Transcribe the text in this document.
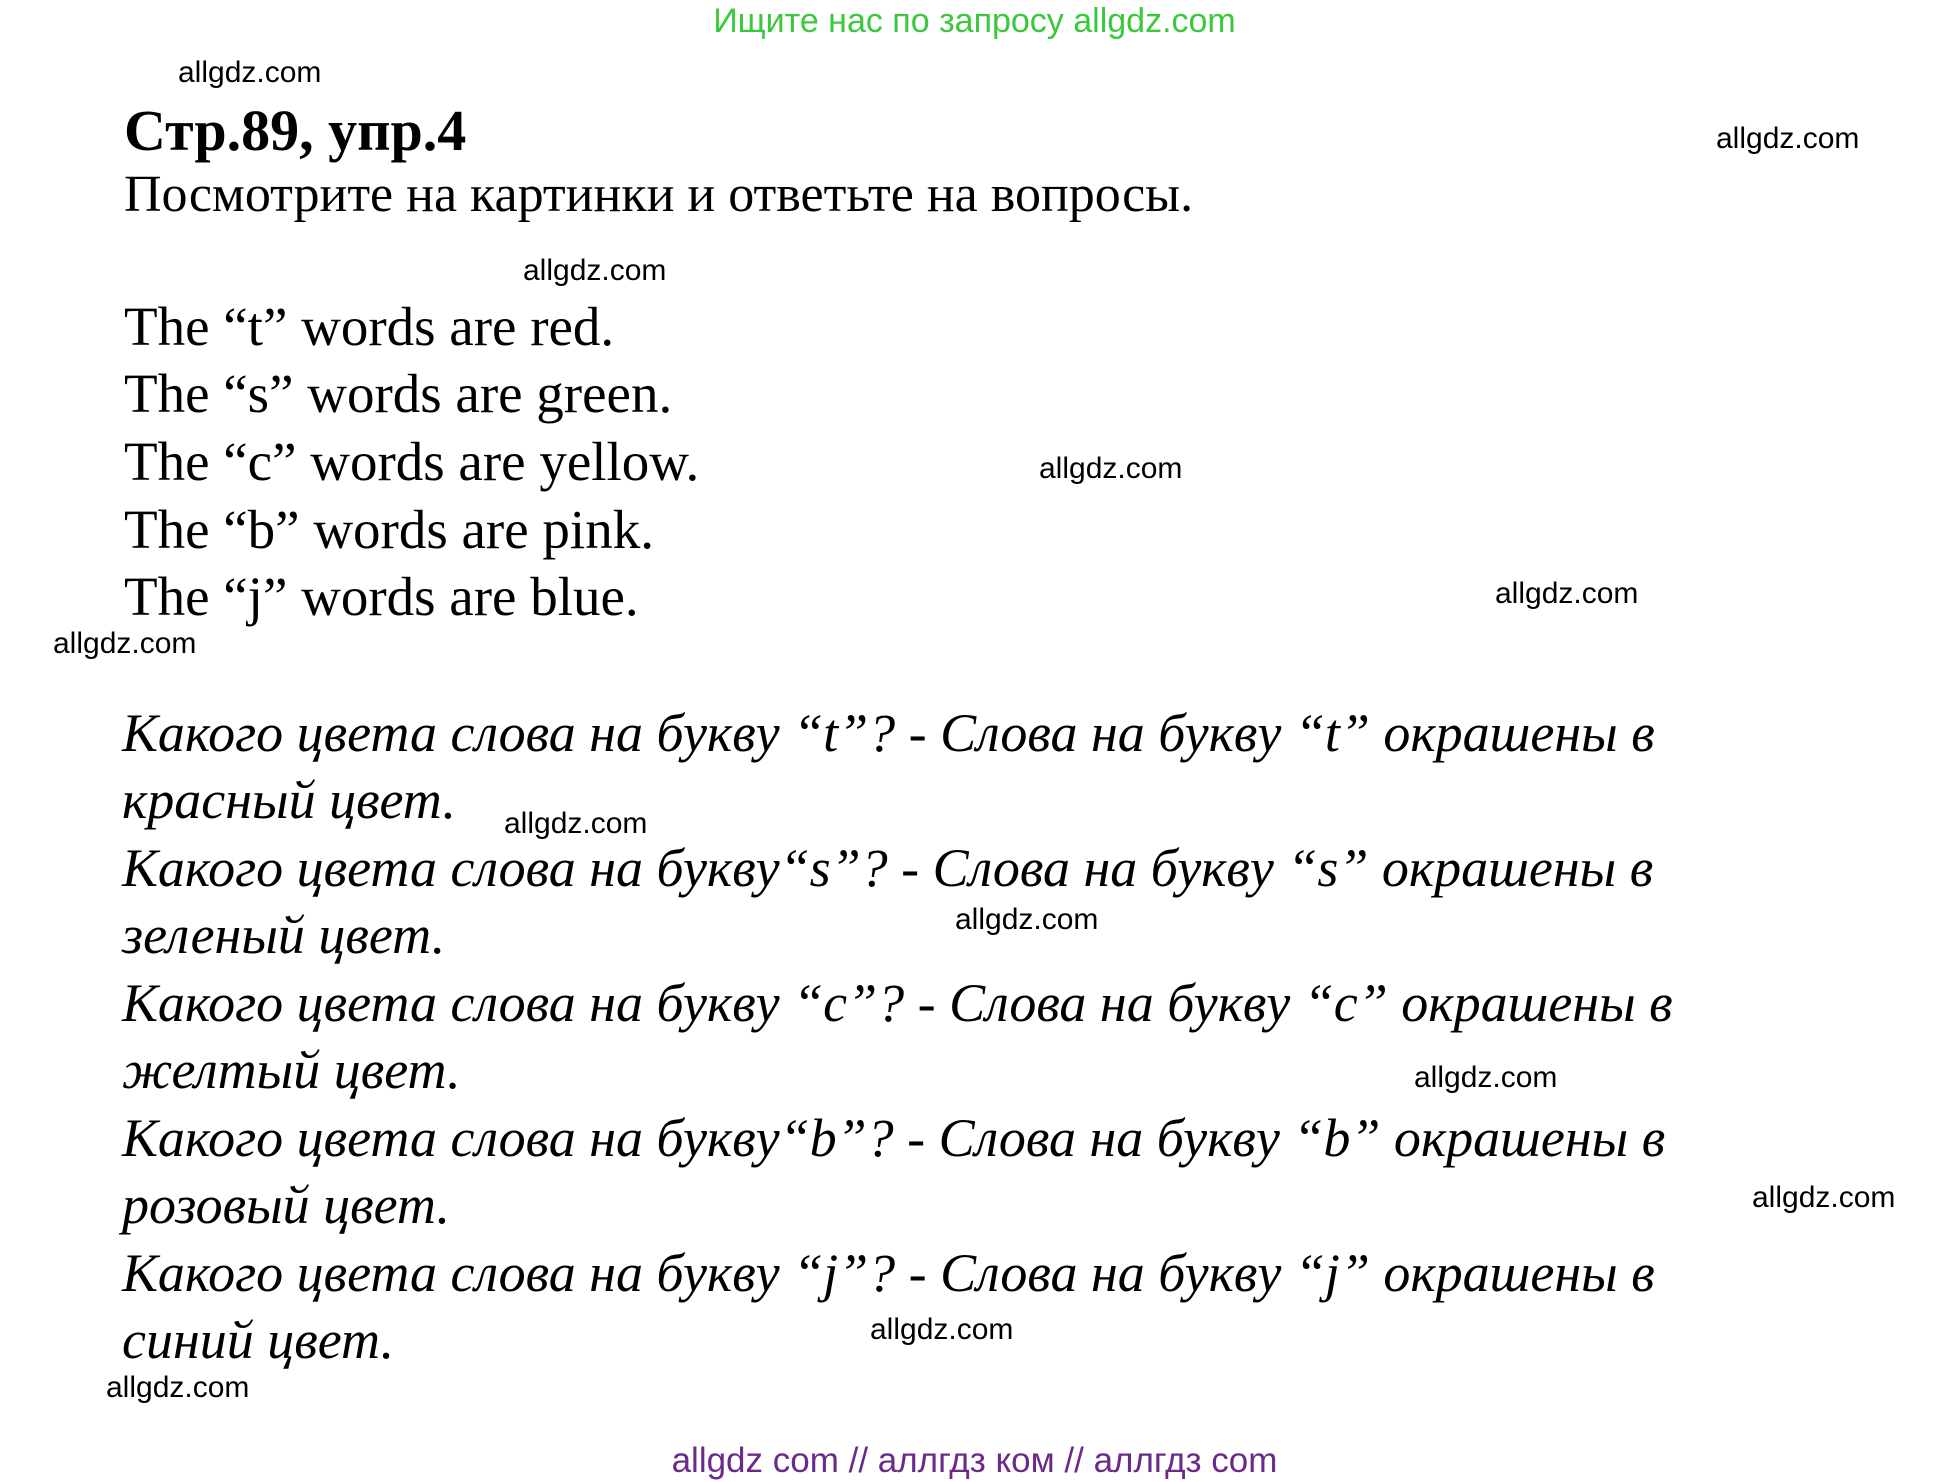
Ищите нас по запросу allgdz.com
allgdz.com
allgdz.com
allgdz.com
allgdz.com
allgdz.com
allgdz.com
allgdz.com
allgdz.com
allgdz.com
allgdz.com
allgdz.com
allgdz.com
Стр.89, упр.4
Посмотрите на картинки и ответьте на вопросы.
The “t” words are red.
The “s” words are green.
The “c” words are yellow.
The “b” words are pink.
The “j” words are blue.
Какого цвета слова на букву “t”? - Слова на букву “t” окрашены в
красный цвет.
Какого цвета слова на букву“s”? - Слова на букву “s” окрашены в
зеленый цвет.
Какого цвета слова на букву “c”? - Слова на букву “c” окрашены в
желтый цвет.
Какого цвета слова на букву“b”? - Слова на букву “b” окрашены в
розовый цвет.
Какого цвета слова на букву “j”? - Слова на букву “j” окрашены в
синий цвет.
allgdz com // аллгдз ком // аллгдз com
